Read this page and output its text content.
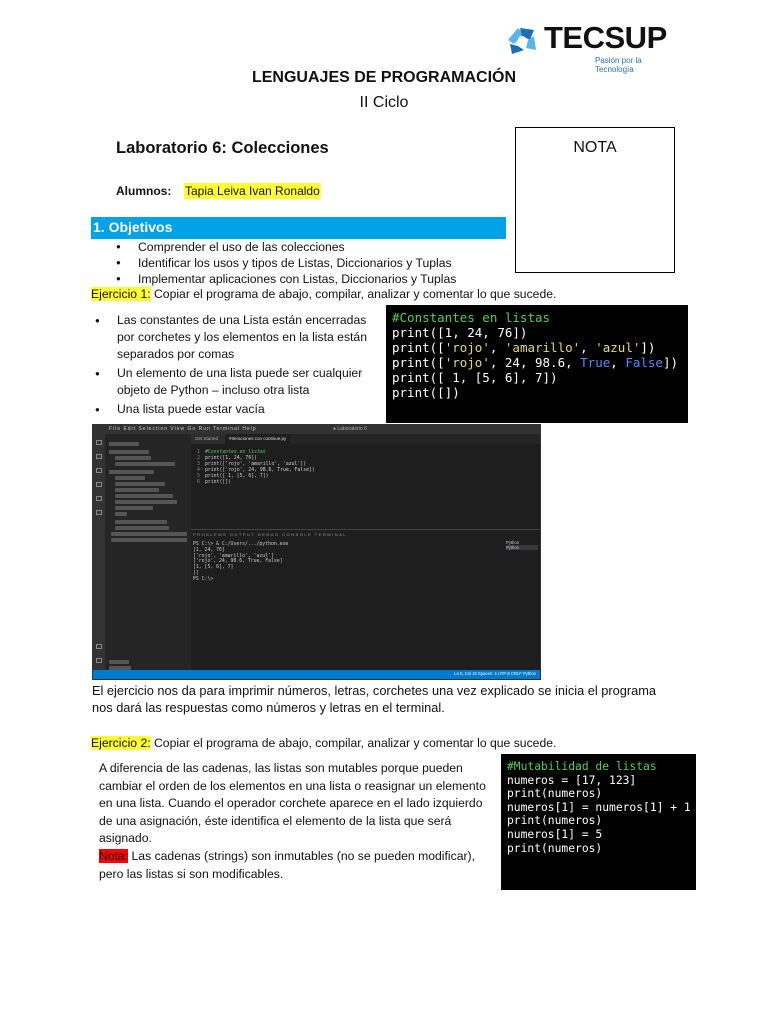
TECSUP
Pasión por la Tecnología
LENGUAJES DE PROGRAMACIÓN
II Ciclo
Laboratorio 6: Colecciones	NOTA
Alumnos: Tapia Leiva Ivan Ronaldo
1. Objetivos
● Comprender el uso de las colecciones
● Identificar los usos y tipos de Listas, Diccionarios y Tuplas
● Implementar aplicaciones con Listas, Diccionarios y Tuplas
Ejercicio 1: Copiar el programa de abajo, compilar, analizar y comentar lo que sucede.
● Las constantes de una Lista están encerradas por corchetes y los elementos en la lista están separados por comas
● Un elemento de una lista puede ser cualquier objeto de Python – incluso otra lista
● Una lista puede estar vacía
#Constantes en listas
print([1, 24, 76])
print(['rojo', 'amarillo', 'azul'])
print(['rojo', 24, 98.6, True, False])
print([ 1, [5, 6], 7])
print([])
File Edit Selection View Go Run Terminal Help	● Laboratorio 6
Get Started	#Iteraciones con continue.py
1
2
3
4
5
6
#Constantes en listas
print([1, 24, 76])
print(['rojo', 'amarillo', 'azul'])
print(['rojo', 24, 98.6, True, False])
print([ 1, [5, 6], 7])
print([])
PROBLEMS OUTPUT DEBUG CONSOLE TERMINAL
PS C:\> & C:/Users/.../python.exe
[1, 24, 76]
['rojo', 'amarillo', 'azul']
['rojo', 24, 98.6, True, False]
[1, [5, 6], 7]
[]
PS C:\>
Python
Python
Ln 6, Col 10 Spaces: 4 UTF-8 CRLF Python
El ejercicio nos da para imprimir números, letras, corchetes una vez explicado se inicia el programa nos dará las respuestas como números y letras en el terminal.
Ejercicio 2: Copiar el programa de abajo, compilar, analizar y comentar lo que sucede.
A diferencia de las cadenas, las listas son mutables porque pueden cambiar el orden de los elementos en una lista o reasignar un elemento en una lista. Cuando el operador corchete aparece en el lado izquierdo de una asignación, éste identifica el elemento de la lista que será asignado.
Nota: Las cadenas (strings) son inmutables (no se pueden modificar), pero las listas si son modificables.
#Mutabilidad de listas
numeros = [17, 123]
print(numeros)
numeros[1] = numeros[1] + 1
print(numeros)
numeros[1] = 5
print(numeros)
